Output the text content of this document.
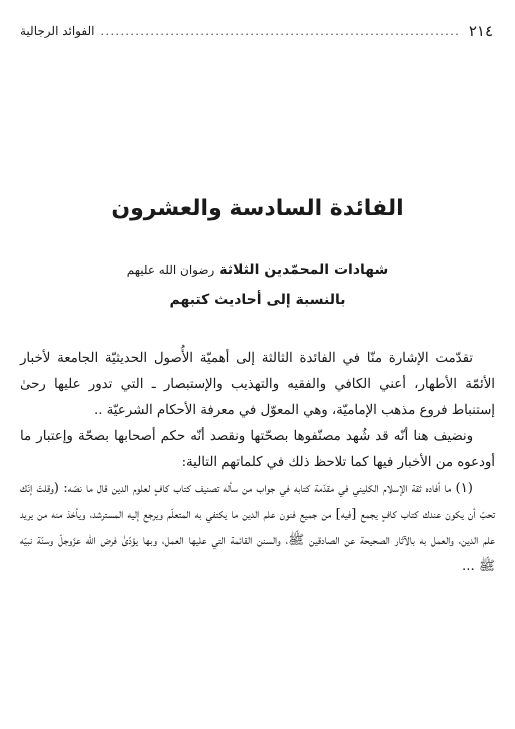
٢١٤
........................................................................
الفوائد الرجالية
الفائدة السادسة والعشرون
شهادات المحمّدين الثلاثة رضوان الله عليهم
بالنسبة إلى أحاديث كتبهم

تقدّمت الإشارة منّا في الفائدة الثالثة إلى أهميّة الأُصول الحديثيّة الجامعة لأخبار الأئمّة الأطهار، أعني الكافي والفقيه والتهذيب والإستبصار ـ التي تدور عليها رحىٰ إستنباط فروع مذهب الإماميّة، وهي المعوّل في معرفة الأحكام الشرعيّة ..

ونضيف هنا أنّه قد شُهد مصنّفوها بصحّتها ونقصد أنّه حكم أصحابها بصحّة وإعتبار ما أودعوه من الأخبار فيها كما تلاحظ ذلك في كلماتهم التالية:

(١) ما أفاده ثقة الإسلام الكليني في مقدّمة كتابه في جواب من سأله تصنيف كتاب كافٍ لعلوم الدين قال ما نصّه: (وقلتَ إنّك تحبّ أن يكون عندك كتاب كافٍ يجمع [فيه] من جميع فنون علم الدين ما يكتفي به المتعلّم ويرجع إليه المسترشد، ويأخذ منه من يريد علم الدين، والعمل به بالآثار الصحيحة عن الصادقين ﷺ، والسنن القائمة التي عليها العمل، وبها يؤدّىٰ فرض الله عزّوجلّ وسنّة نبيّه ﷺ ...
